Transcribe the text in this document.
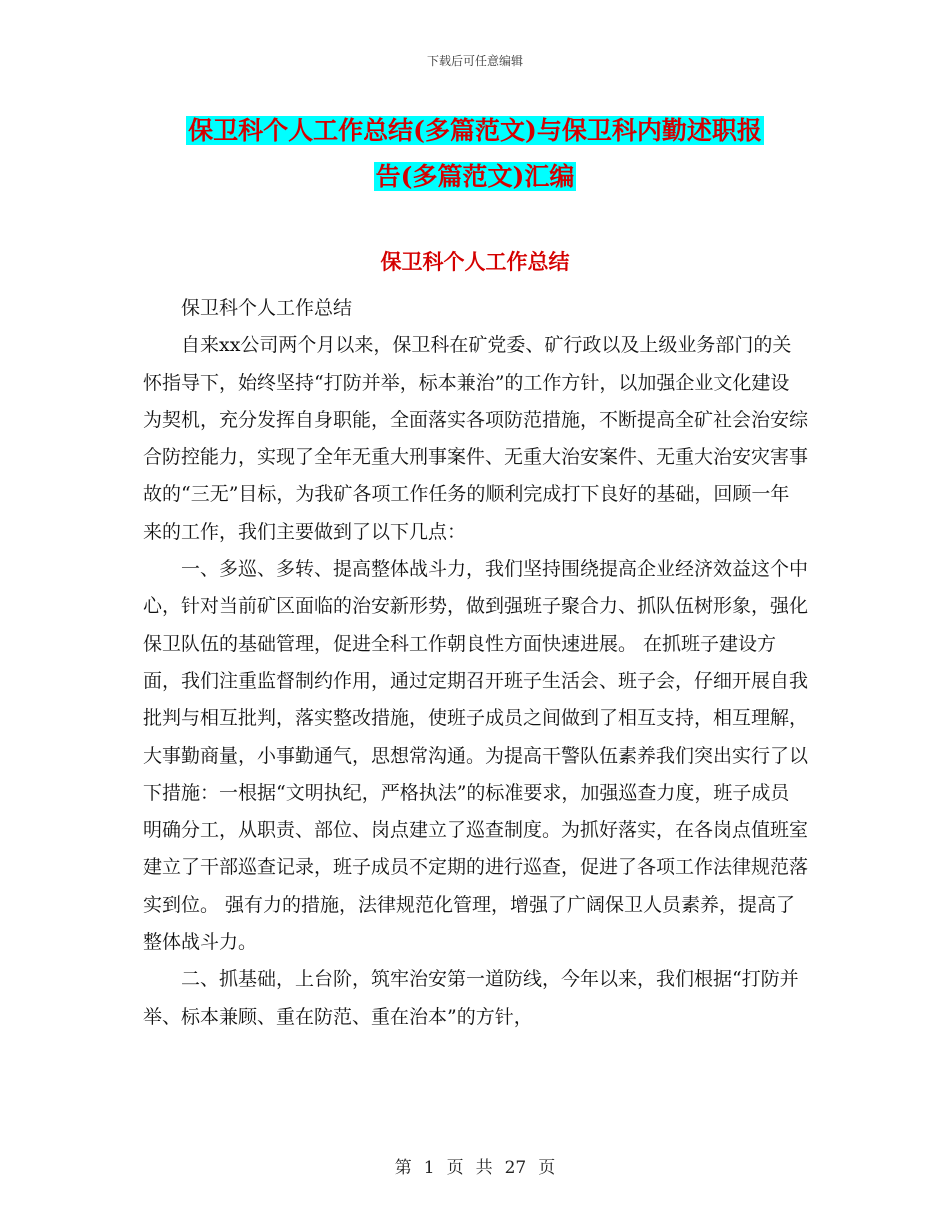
下载后可任意编辑
保卫科个人工作总结(多篇范文)与保卫科内勤述职报
告(多篇范文)汇编
保卫科个人工作总结

保卫科个人工作总结

自来xx公司两个月以来，保卫科在矿党委、矿行政以及上级业务部门的关怀指导下，始终坚持“打防并举，标本兼治”的工作方针，以加强企业文化建设为契机，充分发挥自身职能，全面落实各项防范措施，不断提高全矿社会治安综合防控能力，实现了全年无重大刑事案件、无重大治安案件、无重大治安灾害事故的“三无”目标，为我矿各项工作任务的顺利完成打下良好的基础，回顾一年来的工作，我们主要做到了以下几点：

一、多巡、多转、提高整体战斗力，我们坚持围绕提高企业经济效益这个中心，针对当前矿区面临的治安新形势，做到强班子聚合力、抓队伍树形象，强化保卫队伍的基础管理，促进全科工作朝良性方面快速进展。 在抓班子建设方面，我们注重监督制约作用，通过定期召开班子生活会、班子会，仔细开展自我批判与相互批判，落实整改措施，使班子成员之间做到了相互支持，相互理解，大事勤商量，小事勤通气，思想常沟通。为提高干警队伍素养我们突出实行了以下措施：一根据“文明执纪，严格执法”的标准要求，加强巡查力度，班子成员明确分工，从职责、部位、岗点建立了巡查制度。为抓好落实，在各岗点值班室建立了干部巡查记录，班子成员不定期的进行巡查，促进了各项工作法律规范落实到位。 强有力的措施，法律规范化管理，增强了广阔保卫人员素养，提高了整体战斗力。

二、抓基础，上台阶，筑牢治安第一道防线，今年以来，我们根据“打防并举、标本兼顾、重在防范、重在治本”的方针，

第 1 页 共 27 页
